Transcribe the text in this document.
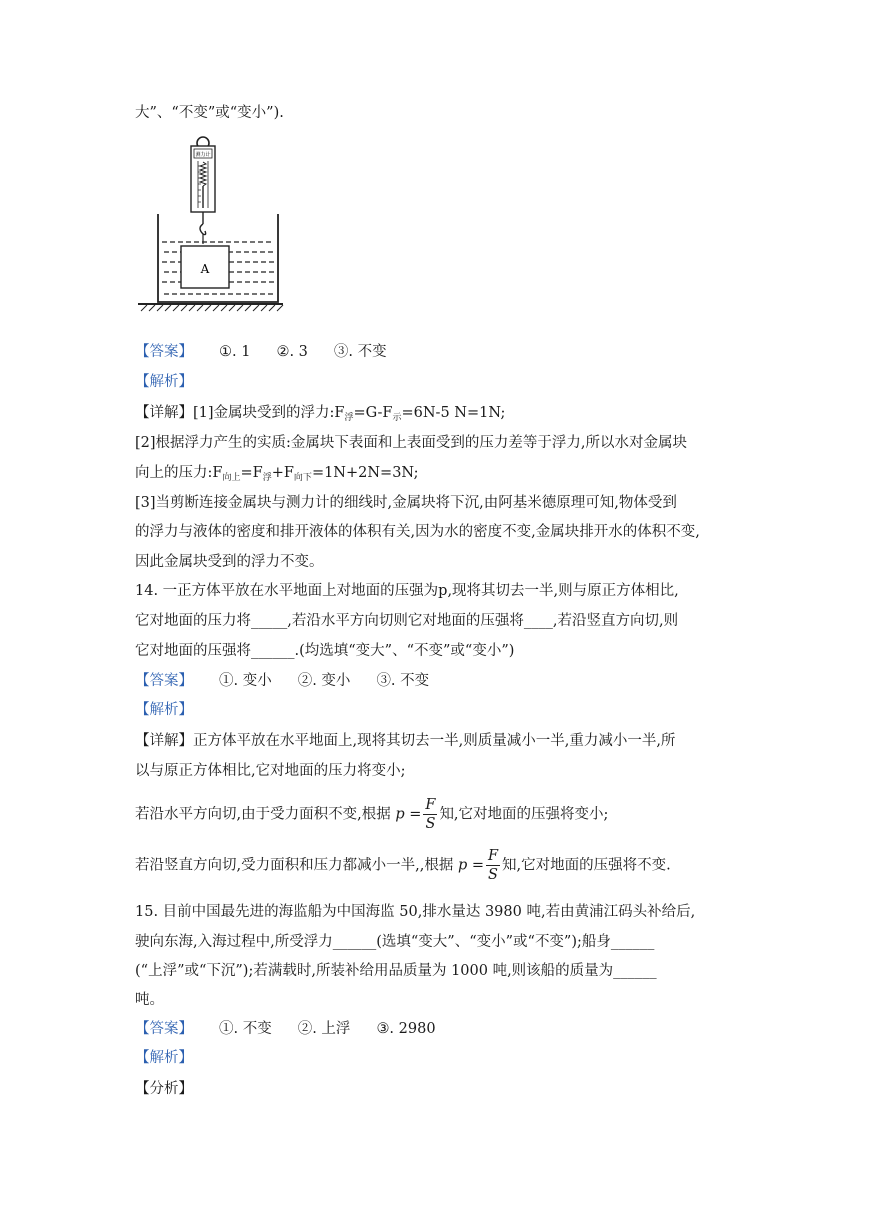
大”、“不变”或“变小”).
测力计
A
【答案】 ①. 1 ②. 3 ③. 不变
【解析】
【详解】[1]金属块受到的浮力$:F_浮=G-F_示=6N-5$ N=1N;
[2]根据浮力产生的实质:金属块下表面和上表面受到的压力差等于浮力,所以水对金属块
向上的压力$:F_{向上}=F_浮+F_{向下}=1N+2N=3N$;
[3]当剪断连接金属块与测力计的细线时,金属块将下沉,由阿基米德原理可知,物体受到
的浮力与液体的密度和排开液体的体积有关,因为水的密度不变,金属块排开水的体积不变,
因此金属块受到的浮力不变。
14. 一正方体平放在水平地面上对地面的压强为p,现将其切去一半,则与原正方体相比,
它对地面的压力将_____,若沿水平方向切则它对地面的压强将____,若沿竖直方向切,则
它对地面的压强将______.(均选填“变大”、“不变”或“变小”)
【答案】 ①. 变小 ②. 变小 ③. 不变
【解析】
【详解】正方体平放在水平地面上,现将其切去一半,则质量减小一半,重力减小一半,所
以与原正方体相比,它对地面的压力将变小;
若沿水平方向切,由于受力面积不变,根据 $p = \frac{F}{S}$ 知,它对地面的压强将变小;
若沿竖直方向切,受力面积和压力都减小一半,,根据 $p = \frac{F}{S}$ 知,它对地面的压强将不变.
15. 目前中国最先进的海监船为中国海监 50,排水量达 3980 吨,若由黄浦江码头补给后,
驶向东海,入海过程中,所受浮力______(选填“变大”、“变小”或“不变”);船身______
(“上浮”或“下沉”);若满载时,所装补给用品质量为 1000 吨,则该船的质量为______
吨。
【答案】 ①. 不变 ②. 上浮 ③. 2980
【解析】
【分析】
